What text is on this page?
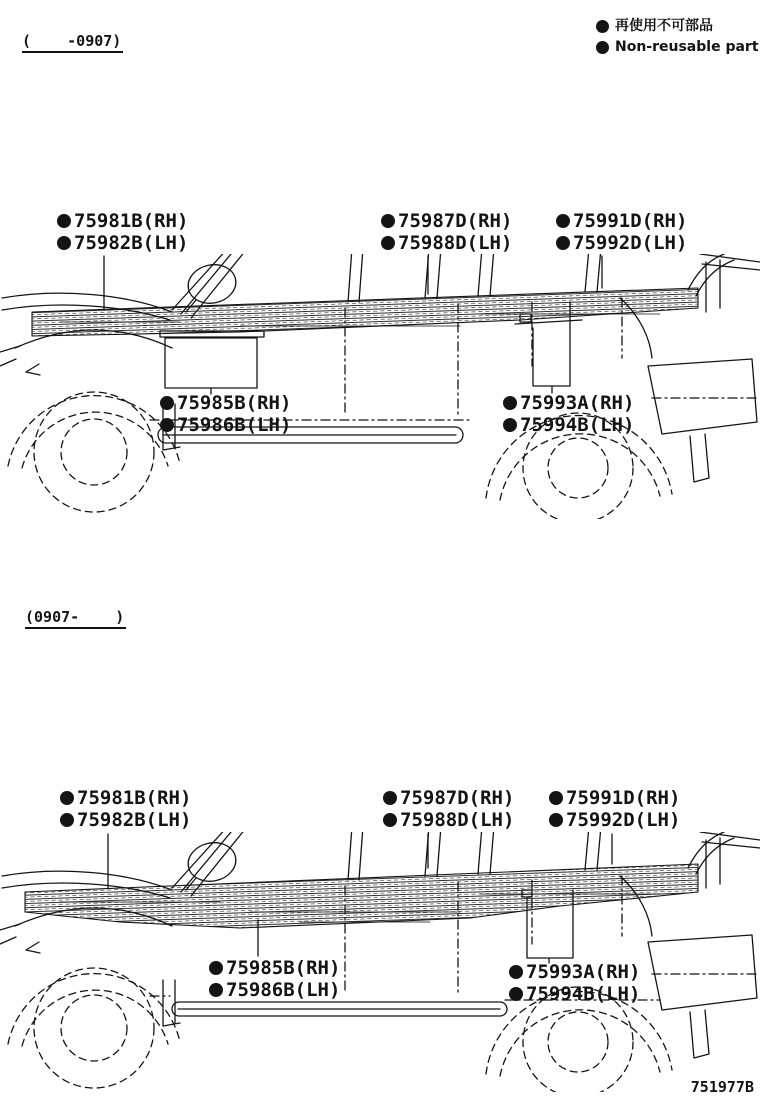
(    -0907)
再使用不可部品
Non-reusable part
75981B(RH)
75982B(LH)
75987D(RH)
75988D(LH)
75991D(RH)
75992D(LH)
75985B(RH)
75986B(LH)
75993A(RH)
75994B(LH)
(0907-    )
75981B(RH)
75982B(LH)
75987D(RH)
75988D(LH)
75991D(RH)
75992D(LH)
75985B(RH)
75986B(LH)
75993A(RH)
75994B(LH)
751977B
